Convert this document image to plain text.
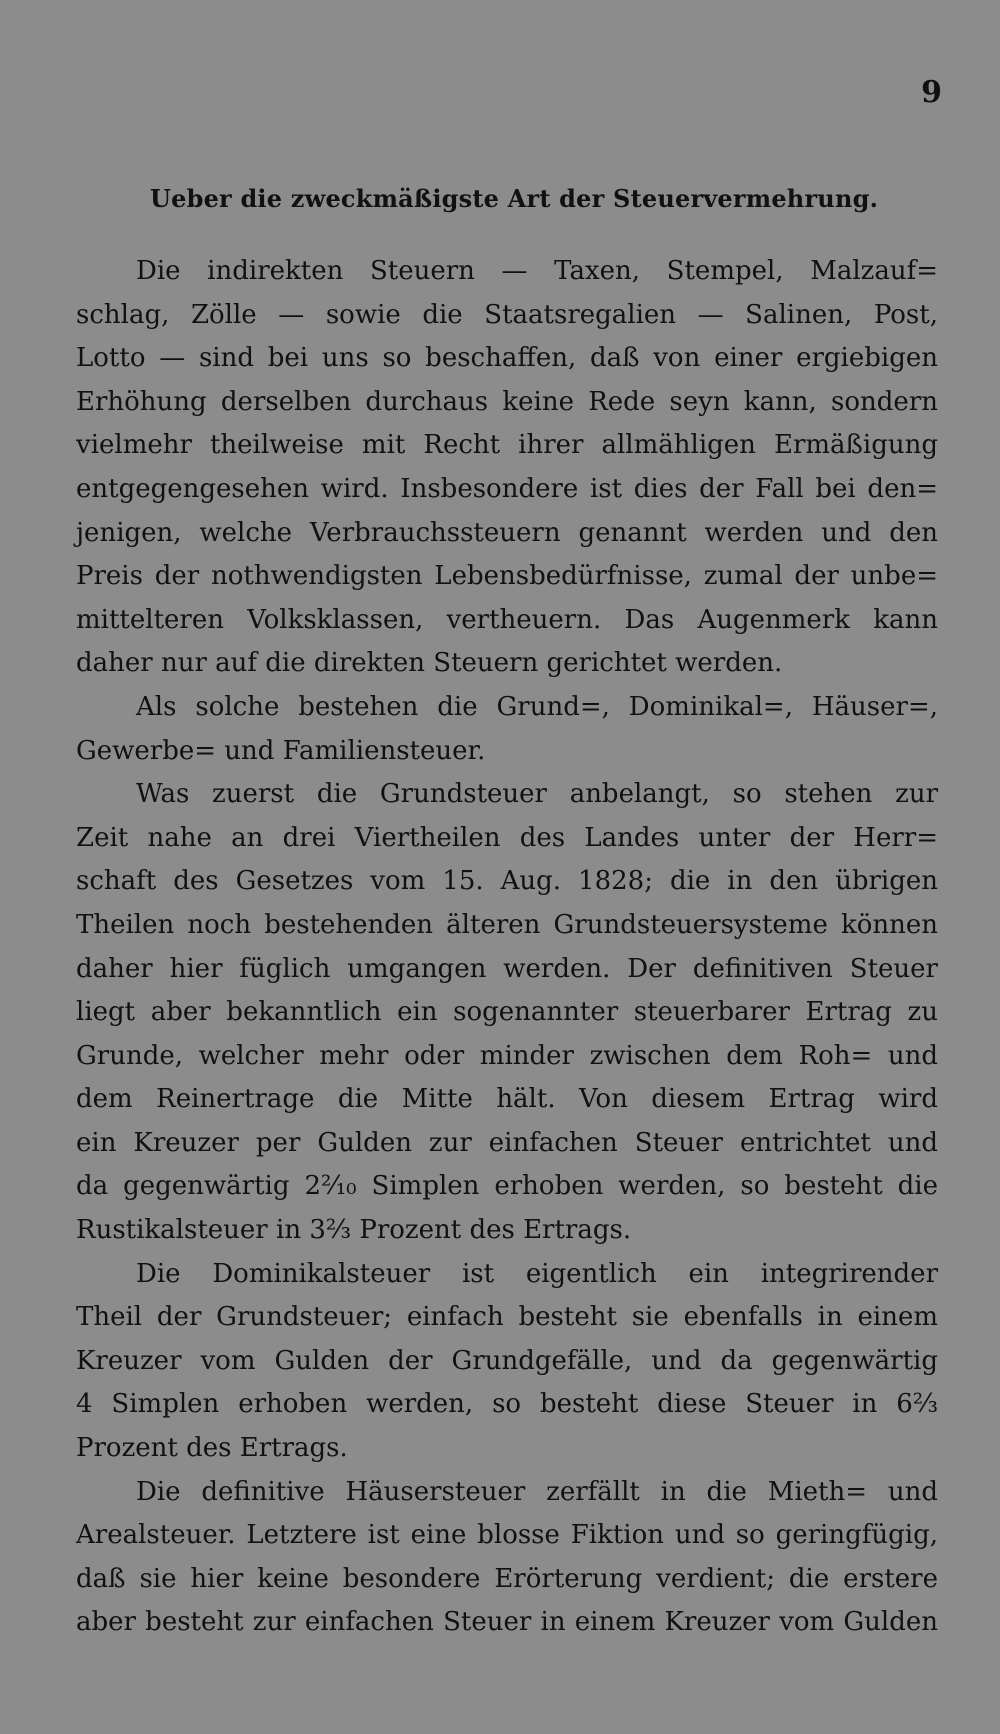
9
Ueber die zweckmäßigste Art der Steuervermehrung.
Die indirekten Steuern — Taxen, Stempel, Malzauf=
schlag, Zölle — sowie die Staatsregalien — Salinen, Post,
Lotto — sind bei uns so beschaffen, daß von einer ergiebigen
Erhöhung derselben durchaus keine Rede seyn kann, sondern
vielmehr theilweise mit Recht ihrer allmähligen Ermäßigung
entgegengesehen wird. Insbesondere ist dies der Fall bei den=
jenigen, welche Verbrauchssteuern genannt werden und den
Preis der nothwendigsten Lebensbedürfnisse, zumal der unbe=
mittelteren Volksklassen, vertheuern. Das Augenmerk kann
daher nur auf die direkten Steuern gerichtet werden.
Als solche bestehen die Grund=, Dominikal=, Häuser=,
Gewerbe= und Familiensteuer.
Was zuerst die Grundsteuer anbelangt, so stehen zur
Zeit nahe an drei Viertheilen des Landes unter der Herr=
schaft des Gesetzes vom 15. Aug. 1828; die in den übrigen
Theilen noch bestehenden älteren Grundsteuersysteme können
daher hier füglich umgangen werden. Der definitiven Steuer
liegt aber bekanntlich ein sogenannter steuerbarer Ertrag zu
Grunde, welcher mehr oder minder zwischen dem Roh= und
dem Reinertrage die Mitte hält. Von diesem Ertrag wird
ein Kreuzer per Gulden zur einfachen Steuer entrichtet und
da gegenwärtig 2²⁄₁₀ Simplen erhoben werden, so besteht die
Rustikalsteuer in 3²⁄₃ Prozent des Ertrags.
Die Dominikalsteuer ist eigentlich ein integrirender
Theil der Grundsteuer; einfach besteht sie ebenfalls in einem
Kreuzer vom Gulden der Grundgefälle, und da gegenwärtig
4 Simplen erhoben werden, so besteht diese Steuer in 6²⁄₃
Prozent des Ertrags.
Die definitive Häusersteuer zerfällt in die Mieth= und
Arealsteuer. Letztere ist eine blosse Fiktion und so geringfügig,
daß sie hier keine besondere Erörterung verdient; die erstere
aber besteht zur einfachen Steuer in einem Kreuzer vom Gulden
